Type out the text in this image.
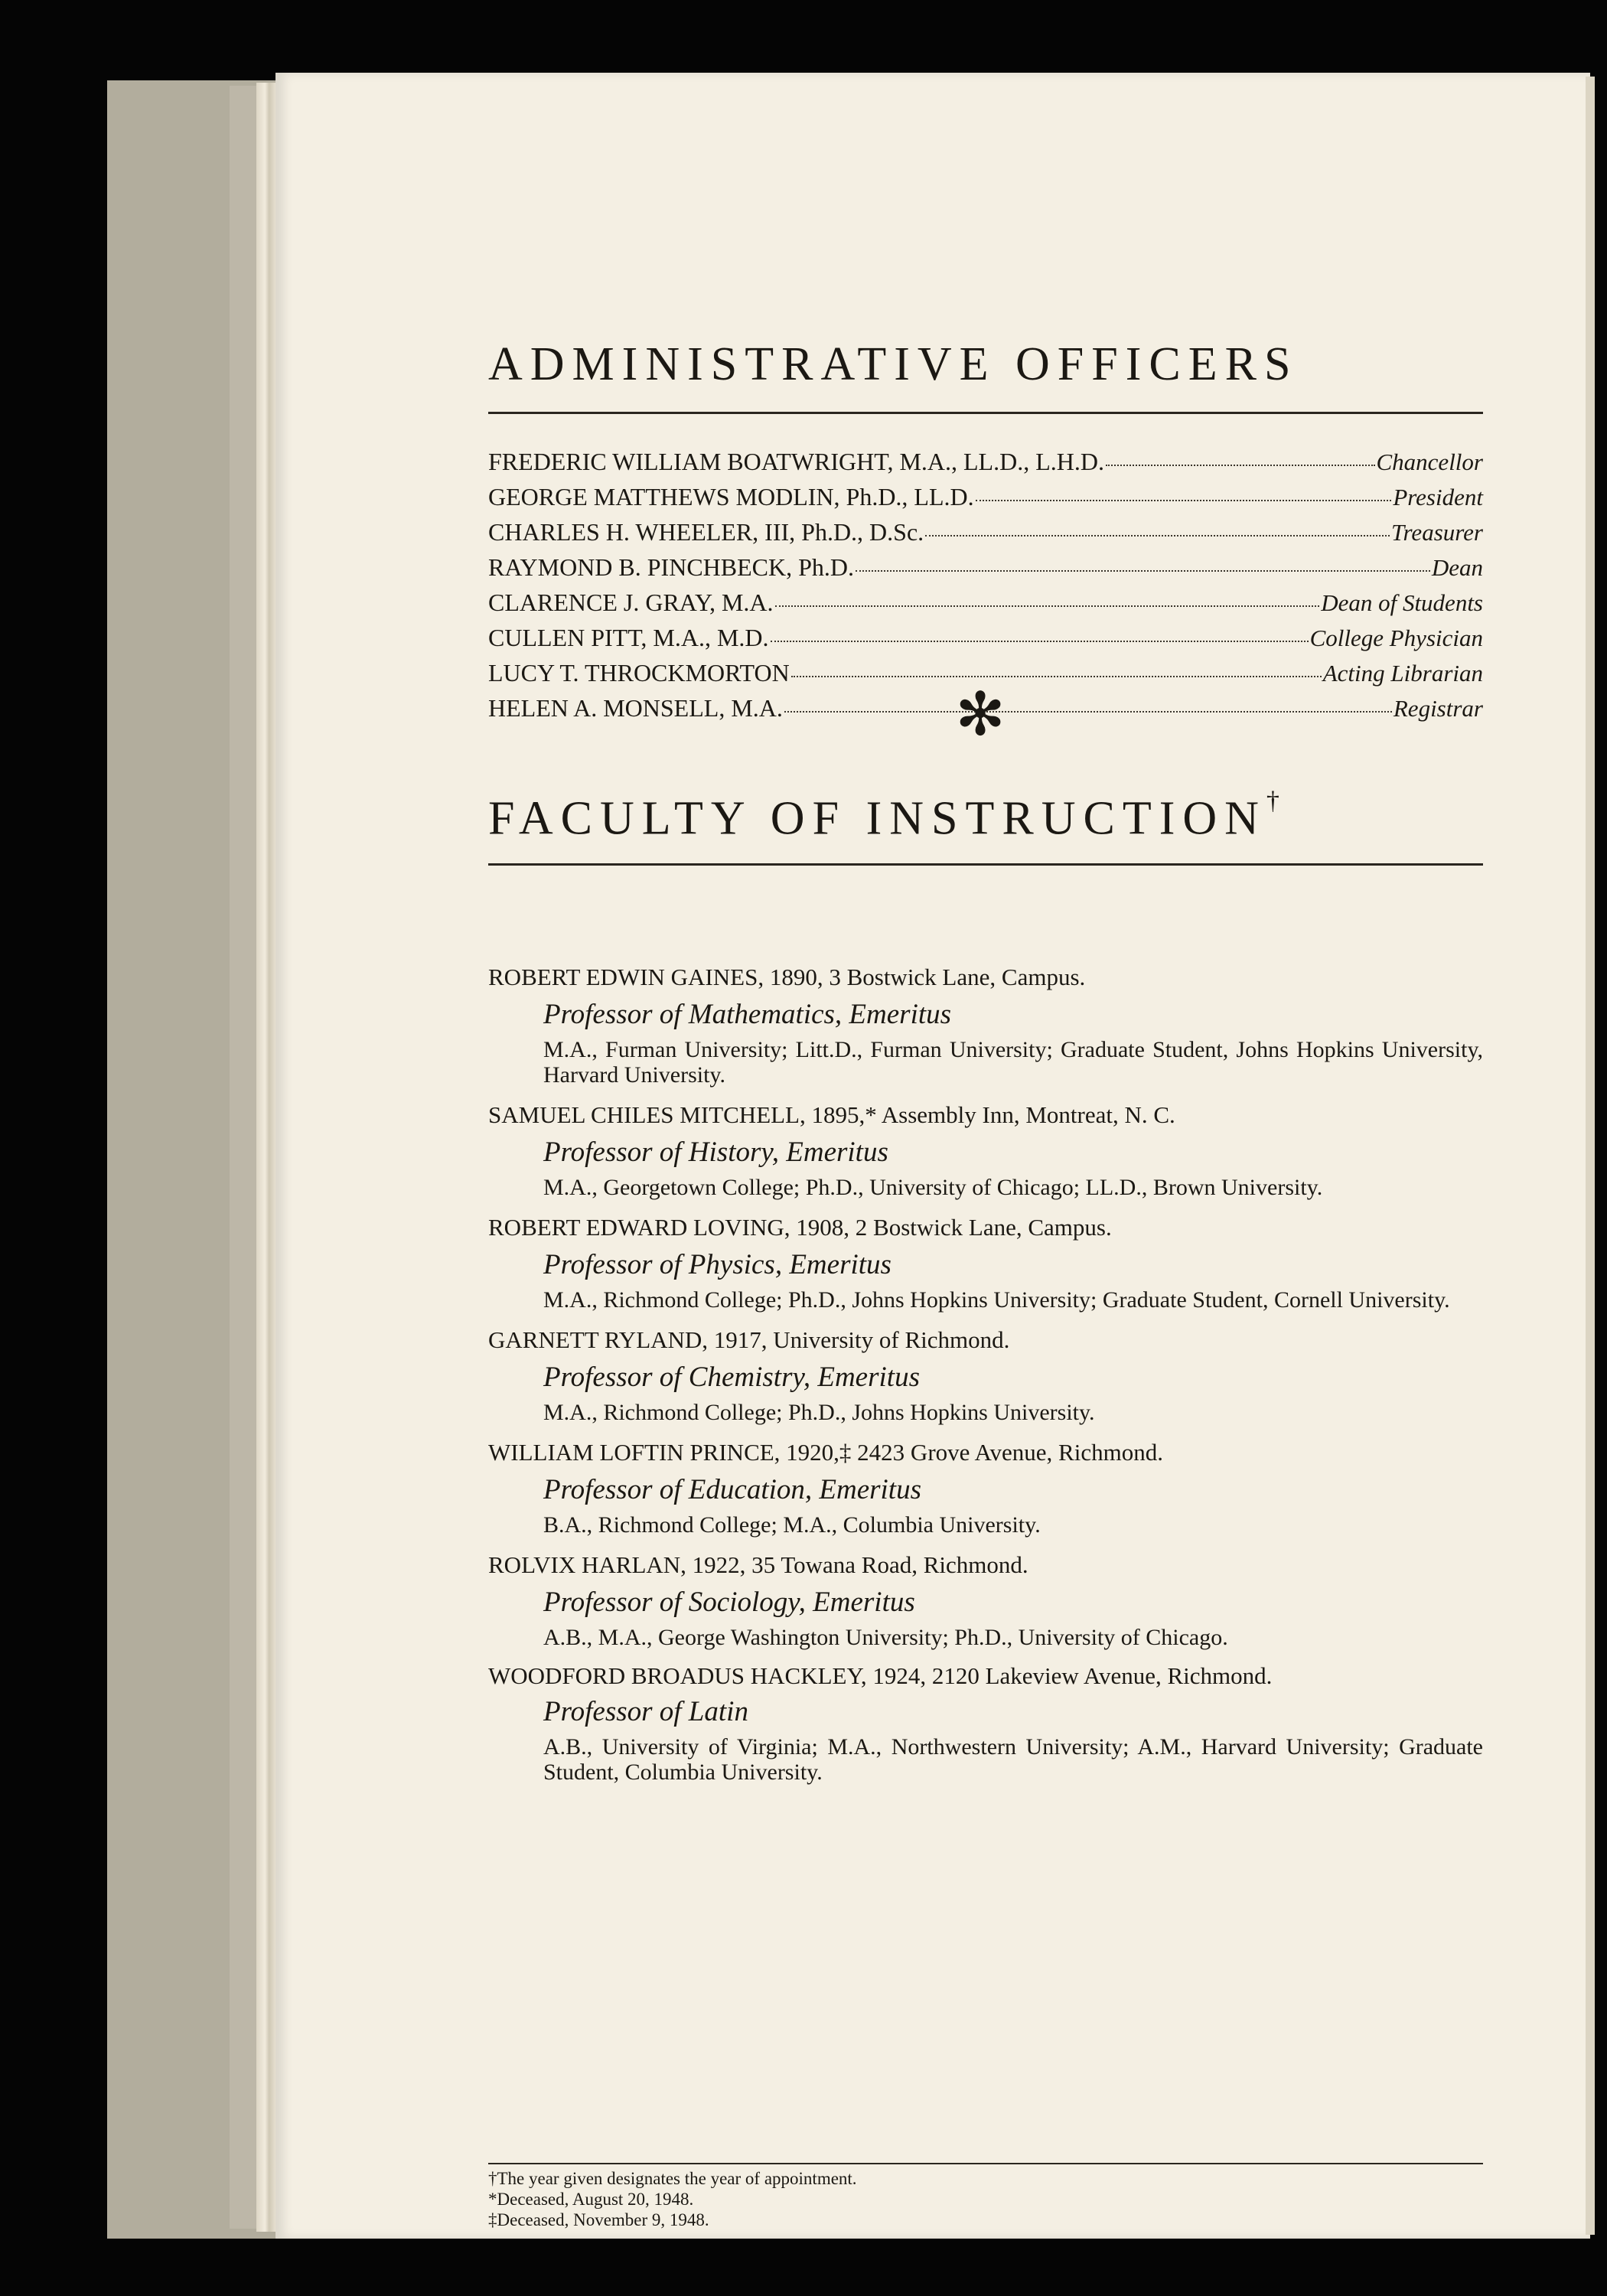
ADMINISTRATIVE OFFICERS
FREDERIC WILLIAM BOATWRIGHT, M.A., LL.D., L.H.D.	Chancellor
GEORGE MATTHEWS MODLIN, Ph.D., LL.D.	President
CHARLES H. WHEELER, III, Ph.D., D.Sc.	Treasurer
RAYMOND B. PINCHBECK, Ph.D.	Dean
CLARENCE J. GRAY, M.A.	Dean of Students
CULLEN PITT, M.A., M.D.	College Physician
LUCY T. THROCKMORTON	Acting Librarian
HELEN A. MONSELL, M.A.	Registrar
✻
FACULTY OF INSTRUCTION†
ROBERT EDWIN GAINES, 1890, 3 Bostwick Lane, Campus.
Professor of Mathematics, Emeritus
M.A., Furman University; Litt.D., Furman University; Graduate Student, Johns Hopkins University, Harvard University.
SAMUEL CHILES MITCHELL, 1895,* Assembly Inn, Montreat, N. C.
Professor of History, Emeritus
M.A., Georgetown College; Ph.D., University of Chicago; LL.D., Brown University.
ROBERT EDWARD LOVING, 1908, 2 Bostwick Lane, Campus.
Professor of Physics, Emeritus
M.A., Richmond College; Ph.D., Johns Hopkins University; Graduate Student, Cornell University.
GARNETT RYLAND, 1917, University of Richmond.
Professor of Chemistry, Emeritus
M.A., Richmond College; Ph.D., Johns Hopkins University.
WILLIAM LOFTIN PRINCE, 1920,‡ 2423 Grove Avenue, Richmond.
Professor of Education, Emeritus
B.A., Richmond College; M.A., Columbia University.
ROLVIX HARLAN, 1922, 35 Towana Road, Richmond.
Professor of Sociology, Emeritus
A.B., M.A., George Washington University; Ph.D., University of Chicago.
WOODFORD BROADUS HACKLEY, 1924, 2120 Lakeview Avenue, Richmond.
Professor of Latin
A.B., University of Virginia; M.A., Northwestern University; A.M., Harvard University; Graduate Student, Columbia University.
†The year given designates the year of appointment.
*Deceased, August 20, 1948.
‡Deceased, November 9, 1948.
